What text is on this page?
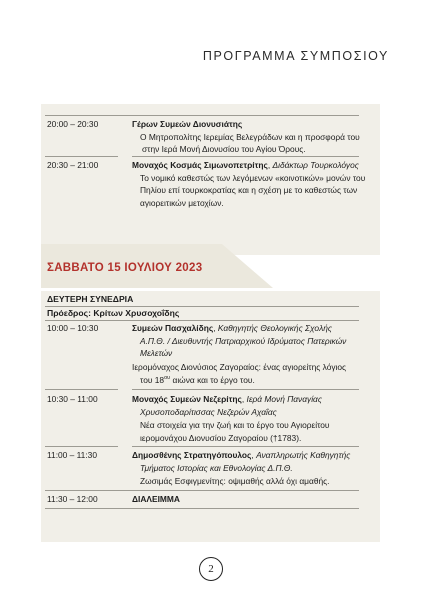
ΠΡΟΓΡΑΜΜΑ ΣΥΜΠΟΣΙΟΥ
20:00 – 20:30	Γέρων Συμεών Διονυσιάτης
Ο Μητροπολίτης Ιερεμίας Βελεγράδων και η προσφορά του
στην Ιερά Μονή Διονυσίου του Αγίου Όρους.
20:30 – 21:00	Μοναχός Κοσμάς Σιμωνοπετρίτης, Διδάκτωρ Τουρκολόγος
Το νομικό καθεστώς των λεγόμενων «κοινοτικών» μονών του
Πηλίου επί τουρκοκρατίας και η σχέση με το καθεστώς των
αγιορειτικών μετοχίων.
ΣΑΒΒΑΤΟ 15 ΙΟΥΛΙΟΥ 2023
ΔΕΥΤΕΡΗ ΣΥΝΕΔΡΙΑ
Πρόεδρος: Κρίτων Χρυσοχοΐδης
10:00 – 10:30	Συμεών Πασχαλίδης, Καθηγητής Θεολογικής Σχολής
Α.Π.Θ. / Διευθυντής Πατριαρχικού Ιδρύματος Πατερικών
Μελετών
Ιερομόναχος Διονύσιος Ζαγοραίος: ένας αγιορείτης λόγιος
του $18^{o\upsilon}$ αιώνα και το έργο του.
10:30 – 11:00	Μοναχός Συμεών Νεζερίτης, Ιερά Μονή Παναγίας
Χρυσοποδαρίτισσας Νεζερών Αχαΐας
Νέα στοιχεία για την ζωή και το έργο του Αγιορείτου
ιερομονάχου Διονυσίου Ζαγοραίου (†1783).
11:00 – 11:30	Δημοσθένης Στρατηγόπουλος, Αναπληρωτής Καθηγητής
Τμήματος Ιστορίας και Εθνολογίας Δ.Π.Θ.
Ζωσιμάς Εσφιγμενίτης: οψιμαθής αλλά όχι αμαθής.
11:30 – 12:00	ΔΙΑΛΕΙΜΜΑ
2
